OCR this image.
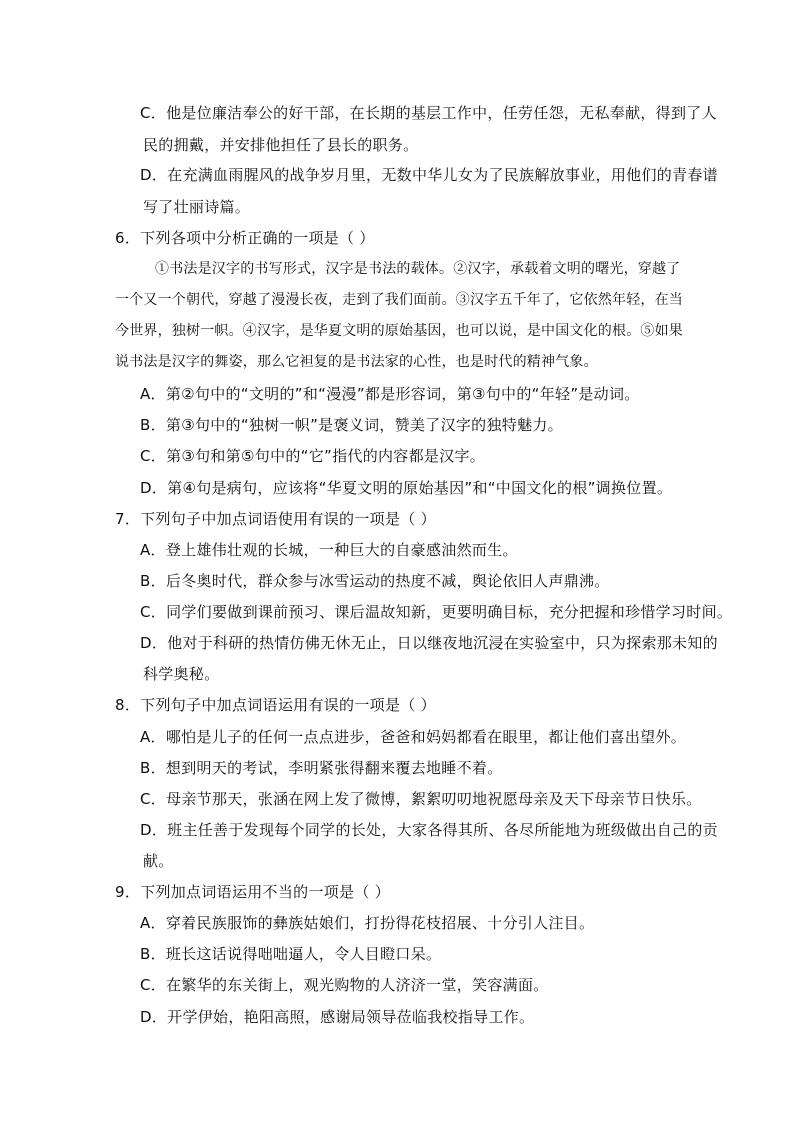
C．他是位廉洁奉公的好干部，在长期的基层工作中，任劳任怨，无私奉献，得到了人
民的拥戴，并安排他担任了县长的职务。
D．在充满血雨腥风的战争岁月里，无数中华儿女为了民族解放事业，用他们的青春谱
写了壮丽诗篇。
6．下列各项中分析正确的一项是（ ）
①书法是汉字的书写形式，汉字是书法的载体。②汉字，承载着文明的曙光，穿越了
一个又一个朝代，穿越了漫漫长夜，走到了我们面前。③汉字五千年了，它依然年轻，在当
今世界，独树一帜。④汉字，是华夏文明的原始基因，也可以说，是中国文化的根。⑤如果
说书法是汉字的舞姿，那么它袒复的是书法家的心性，也是时代的精神气象。
A．第②句中的“文明的”和“漫漫”都是形容词，第③句中的“年轻”是动词。
B．第③句中的“独树一帜”是褒义词，赞美了汉字的独特魅力。
C．第③句和第⑤句中的“它”指代的内容都是汉字。
D．第④句是病句，应该将“华夏文明的原始基因”和“中国文化的根”调换位置。
7．下列句子中加点词语使用有误的一项是（ ）
A．登上雄伟壮观的长城，一种巨大的自豪感油然而生。
B．后冬奥时代，群众参与冰雪运动的热度不减，舆论依旧人声鼎沸。
C．同学们要做到课前预习、课后温故知新，更要明确目标，充分把握和珍惜学习时间。
D．他对于科研的热情仿佛无休无止，日以继夜地沉浸在实验室中，只为探索那未知的
科学奥秘。
8．下列句子中加点词语运用有误的一项是（ ）
A．哪怕是儿子的任何一点点进步，爸爸和妈妈都看在眼里，都让他们喜出望外。
B．想到明天的考试，李明紧张得翻来覆去地睡不着。
C．母亲节那天，张涵在网上发了微博，絮絮叨叨地祝愿母亲及天下母亲节日快乐。
D．班主任善于发现每个同学的长处，大家各得其所、各尽所能地为班级做出自己的贡
献。
9．下列加点词语运用不当的一项是（ ）
A．穿着民族服饰的彝族姑娘们，打扮得花枝招展、十分引人注目。
B．班长这话说得咄咄逼人，令人目瞪口呆。
C．在繁华的东关街上，观光购物的人济济一堂，笑容满面。
D．开学伊始，艳阳高照，感谢局领导莅临我校指导工作。
